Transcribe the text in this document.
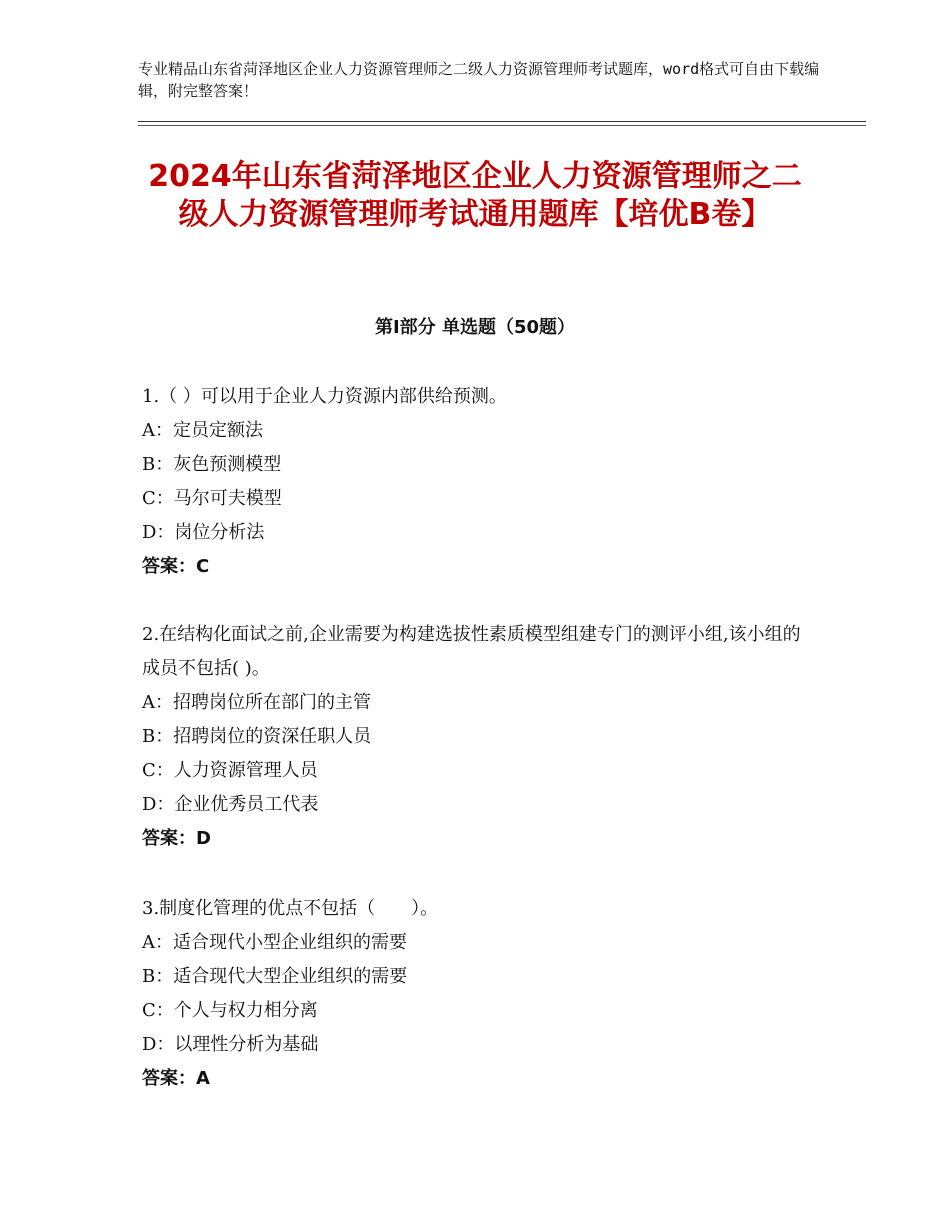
专业精品山东省菏泽地区企业人力资源管理师之二级人力资源管理师考试题库，word格式可自由下载编辑，附完整答案！
2024年山东省菏泽地区企业人力资源管理师之二级人力资源管理师考试通用题库【培优B卷】
第Ⅰ部分 单选题（50题）
1.（ ）可以用于企业人力资源内部供给预测。
A：定员定额法
B：灰色预测模型
C：马尔可夫模型
D：岗位分析法
答案：C
2.在结构化面试之前,企业需要为构建选拔性素质模型组建专门的测评小组,该小组的成员不包括( )。
A：招聘岗位所在部门的主管
B：招聘岗位的资深任职人员
C：人力资源管理人员
D：企业优秀员工代表
答案：D
3.制度化管理的优点不包括（　　）。
A：适合现代小型企业组织的需要
B：适合现代大型企业组织的需要
C：个人与权力相分离
D：以理性分析为基础
答案：A
